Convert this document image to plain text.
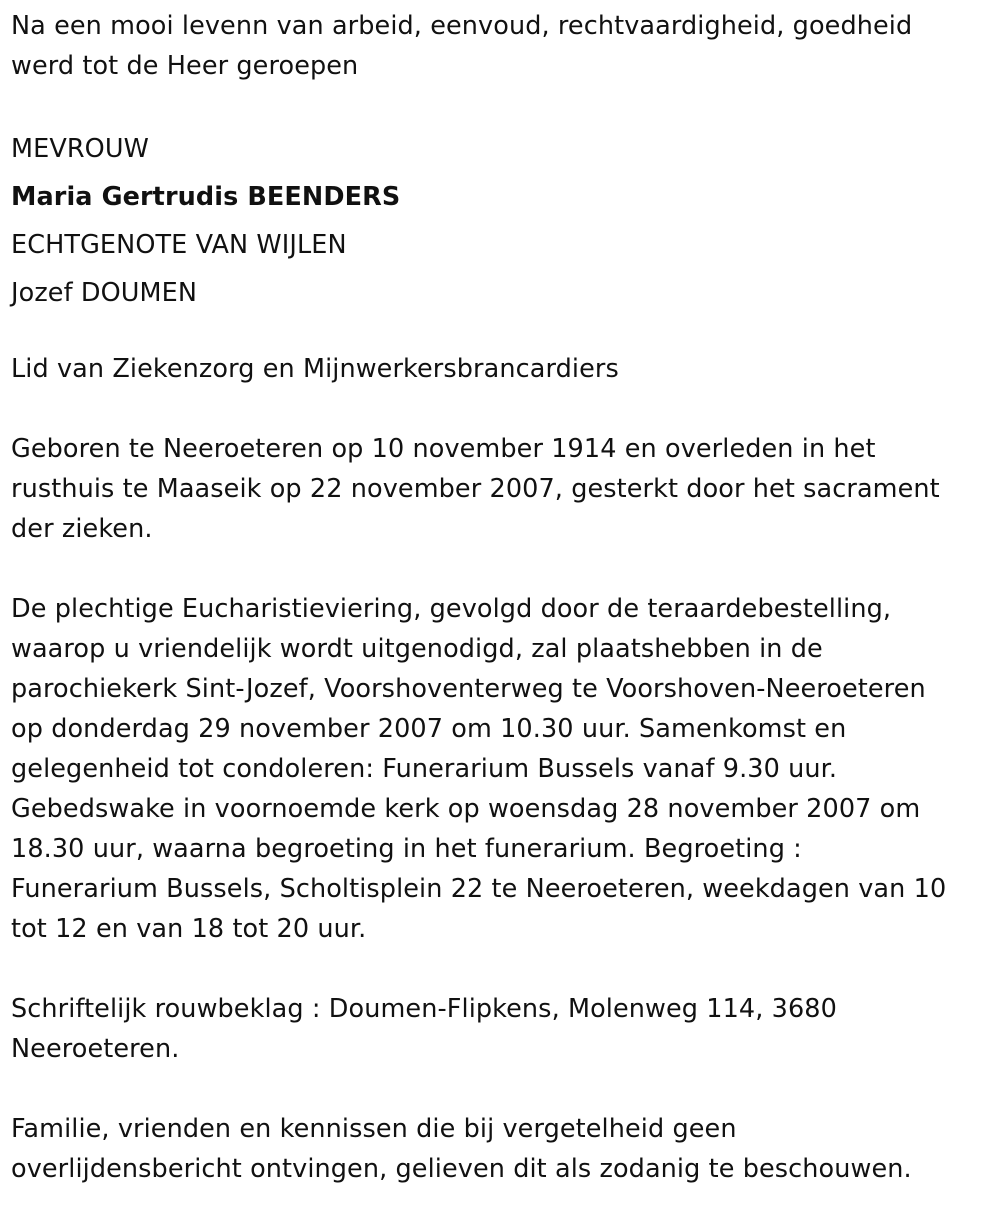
Na een mooi levenn van arbeid, eenvoud, rechtvaardigheid, goedheid
werd tot de Heer geroepen
MEVROUW
Maria Gertrudis BEENDERS
ECHTGENOTE VAN WIJLEN
Jozef DOUMEN
Lid van Ziekenzorg en Mijnwerkersbrancardiers
Geboren te Neeroeteren op 10 november 1914 en overleden in het
rusthuis te Maaseik op 22 november 2007, gesterkt door het sacrament
der zieken.
De plechtige Eucharistieviering, gevolgd door de teraardebestelling,
waarop u vriendelijk wordt uitgenodigd, zal plaatshebben in de
parochiekerk Sint-Jozef, Voorshoventerweg te Voorshoven-Neeroeteren
op donderdag 29 november 2007 om 10.30 uur. Samenkomst en
gelegenheid tot condoleren: Funerarium Bussels vanaf 9.30 uur.
Gebedswake in voornoemde kerk op woensdag 28 november 2007 om
18.30 uur, waarna begroeting in het funerarium. Begroeting :
Funerarium Bussels, Scholtisplein 22 te Neeroeteren, weekdagen van 10
tot 12 en van 18 tot 20 uur.
Schriftelijk rouwbeklag : Doumen-Flipkens, Molenweg 114, 3680
Neeroeteren.
Familie, vrienden en kennissen die bij vergetelheid geen
overlijdensbericht ontvingen, gelieven dit als zodanig te beschouwen.
